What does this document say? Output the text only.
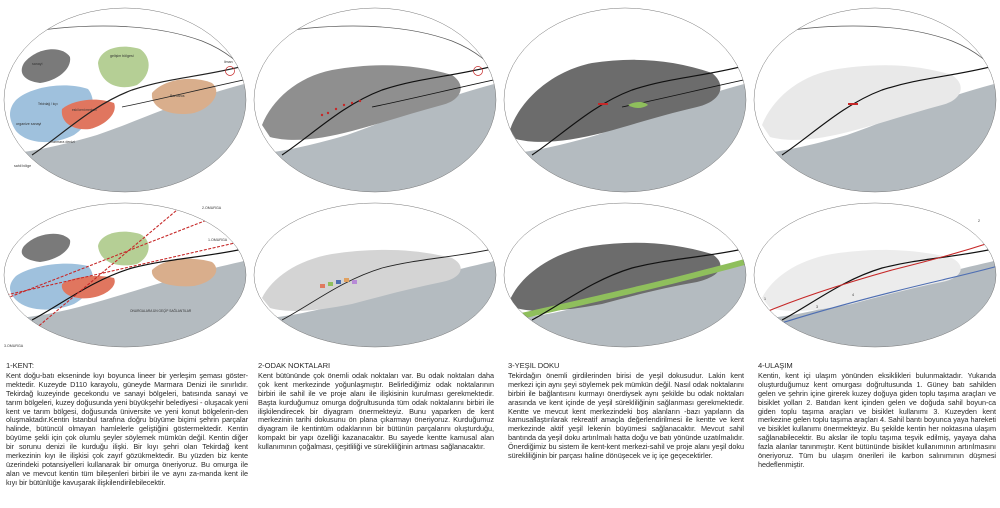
sanayi
gelişim bölgesi
Tekirdağ / kıyı
eski kent merkezi
Barbaros
marmara denizi
sahil bölge
organize sanayi
liman
2.OMURGA
1.OMURGA
3.OMURGA
ONURGALARA ÜN GEÇİP SAĞLANTILAR
2
1
3
4
1-KENT:
Kent doğu-batı ekseninde kıyı boyunca lineer bir yerleşim şeması göster-mektedir. Kuzeyde D110 karayolu, güneyde Marmara Denizi ile sınırlıdır. Tekirdağ kuzeyinde gecekondu ve sanayi bölgeleri, batısında sanayi ve tarım bölgeleri, kuzey doğusunda yeni büyükşehir belediyesi - oluşacak yeni kent ve tarım bölgesi, doğusunda üniversite ve yeni konut bölgelerin-den oluşmaktadır.Kentin İstanbul tarafına doğru büyüme biçimi şehrin parçalar halinde, bütüncül olmayan hamlelerle geliştiğini göstermektedir. Kentin büyüme şekli için çok olumlu şeyler söylemek mümkün değil. Kentin diğer bir sorunu denizi ile kurduğu ilişki. Bir kıyı şehri olan Tekirdağ kent merkezinin kıyı ile ilişkisi çok zayıf gözükmektedir. Bu yüzden biz kente üzerindeki potansiyelleri kullanarak bir omurga öneriyoruz. Bu omurga ile alan ve mevcut kentin tüm bileşenleri birbiri ile ve aynı za-manda kent ile kıyı bir bütünlüğe kavuşarak ilişkilendirilebilecektir.
2-ODAK NOKTALARI
Kent bütününde çok önemli odak noktaları var. Bu odak noktaları daha çok kent merkezinde yoğunlaşmıştır. Belirlediğimiz odak noktalarının birbiri ile sahil ile ve proje alanı ile ilişkisinin kurulması gerekmektedir. Başta kurduğumuz omurga doğrultusunda tüm odak noktalarını birbiri ile ilişkilendirecek bir diyagram önermekteyiz. Bunu yaparken de kent merkezinin tarihi dokusunu ön plana çıkarmayı öneriyoruz. Kurduğumuz diyagram ile kentintüm odaklarının bir bütünün parçalarını oluşturduğu, kompakt bir yapı özelliği kazanacaktır. Bu sayede kentte kamusal alan kullanımının çoğalması, çeşitliliği ve sürekliliğinin artması sağlanacaktır.
3-YEŞİL DOKU
Tekirdağın önemli girdilerinden birisi de yeşil dokusudur. Lakin kent merkezi için aynı şeyi söylemek pek mümkün değil. Nasıl odak noktalarını birbiri ile bağlantısını kurmayı önerdiysek aynı şekilde bu odak noktaları arasında ve kent içinde de yeşil sürekliliğinin sağlanması gerekmektedir. Kentte ve mevcut kent merkezindeki boş alanların -bazı yapıların da kamusallaştırılarak rekreatif amaçla değerlendirilmesi ile kentte ve kent merkezinde aktif yeşil lekenin büyümesi sağlanacaktır. Mevcut sahil bantında da yeşil doku artırılmalı hatta doğu ve batı yönünde uzatılmalıdır. Önerdiğimiz bu sistem ile kent-kent merkezi-sahil ve proje alanı yeşil doku sürekliliğinin bir parçası haline dönüşecek ve iç içe geçecektirler.
4-ULAŞIM
Kentin, kent içi ulaşım yönünden eksiklikleri bulunmaktadır. Yukarıda oluşturduğumuz kent omurgası doğrultusunda 1. Güney batı sahilden gelen ve şehrin içine girerek kuzey doğuya giden toplu taşıma araçları ve bisiklet yolları 2. Batıdan kent içinden gelen ve doğuda sahil boyun-ca giden toplu taşıma araçları ve bisiklet kullanımı 3. Kuzeyden kent merkezine gelen toplu taşıma araçları 4. Sahil bantı boyunca yaya hareketi ve bisiklet kullanımı önermekteyiz. Bu şekilde kentin her noktasına ulaşım sağlanabilecektir. Bu akslar ile toplu taşıma teşvik edilmiş, yayaya daha fazla alanlar tanınmıştır. Kent bütününde bisiklet kullanımının artırılmasını öneriyoruz. Tüm bu ulaşım önerileri ile karbon salınımının düşmesi hedeflenmiştir.
